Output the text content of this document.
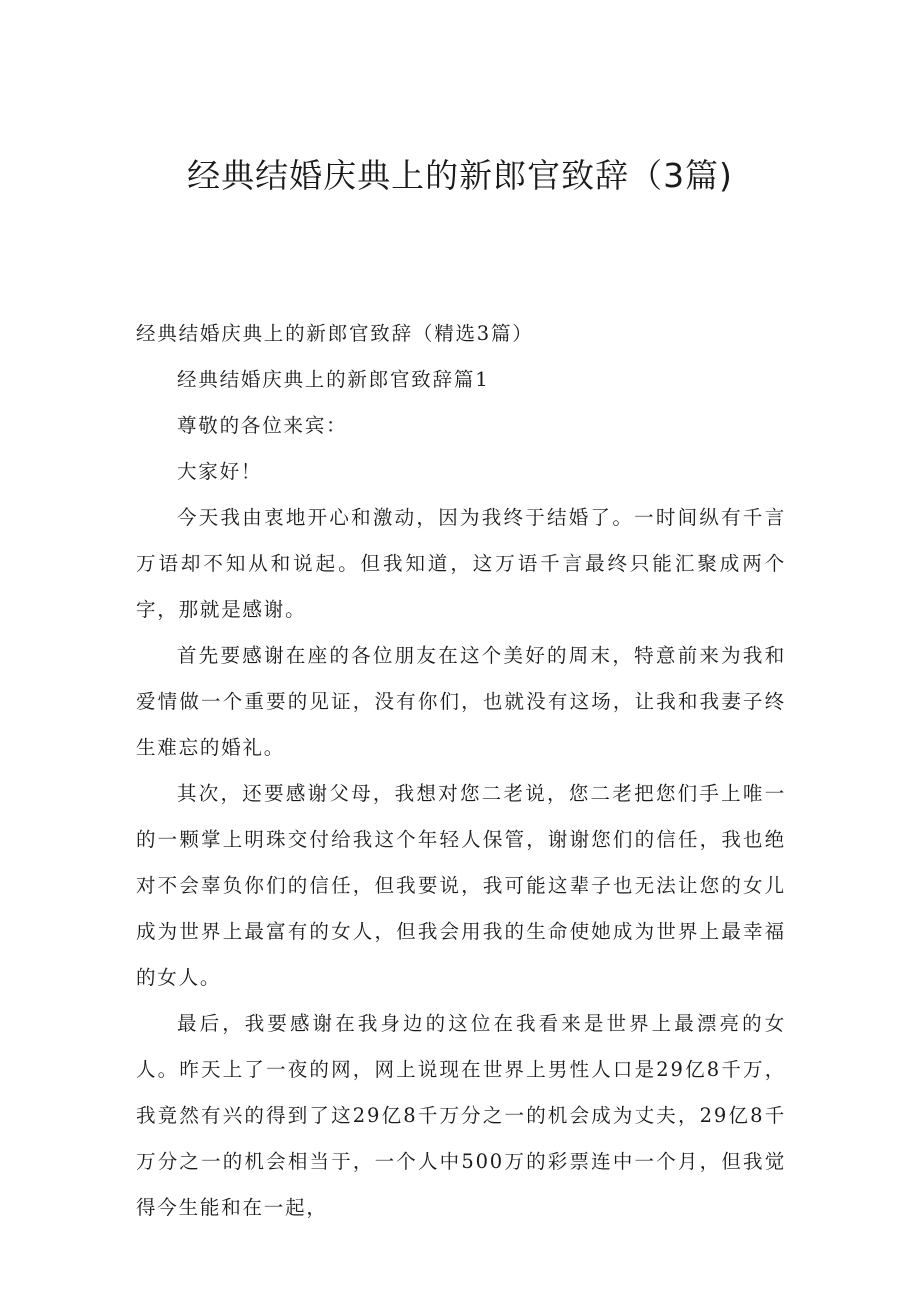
经典结婚庆典上的新郎官致辞（3篇)

经典结婚庆典上的新郎官致辞（精选3篇）

经典结婚庆典上的新郎官致辞篇1

尊敬的各位来宾：

大家好！

今天我由衷地开心和激动，因为我终于结婚了。一时间纵有千言万语却不知从和说起。但我知道，这万语千言最终只能汇聚成两个字，那就是感谢。

首先要感谢在座的各位朋友在这个美好的周末，特意前来为我和爱情做一个重要的见证，没有你们，也就没有这场，让我和我妻子终生难忘的婚礼。

其次，还要感谢父母，我想对您二老说，您二老把您们手上唯一的一颗掌上明珠交付给我这个年轻人保管，谢谢您们的信任，我也绝对不会辜负你们的信任，但我要说，我可能这辈子也无法让您的女儿成为世界上最富有的女人，但我会用我的生命使她成为世界上最幸福的女人。

最后，我要感谢在我身边的这位在我看来是世界上最漂亮的女人。昨天上了一夜的网，网上说现在世界上男性人口是29亿8千万，我竟然有兴的得到了这29亿8千万分之一的机会成为丈夫，29亿8千万分之一的机会相当于，一个人中500万的彩票连中一个月，但我觉得今生能和在一起，
